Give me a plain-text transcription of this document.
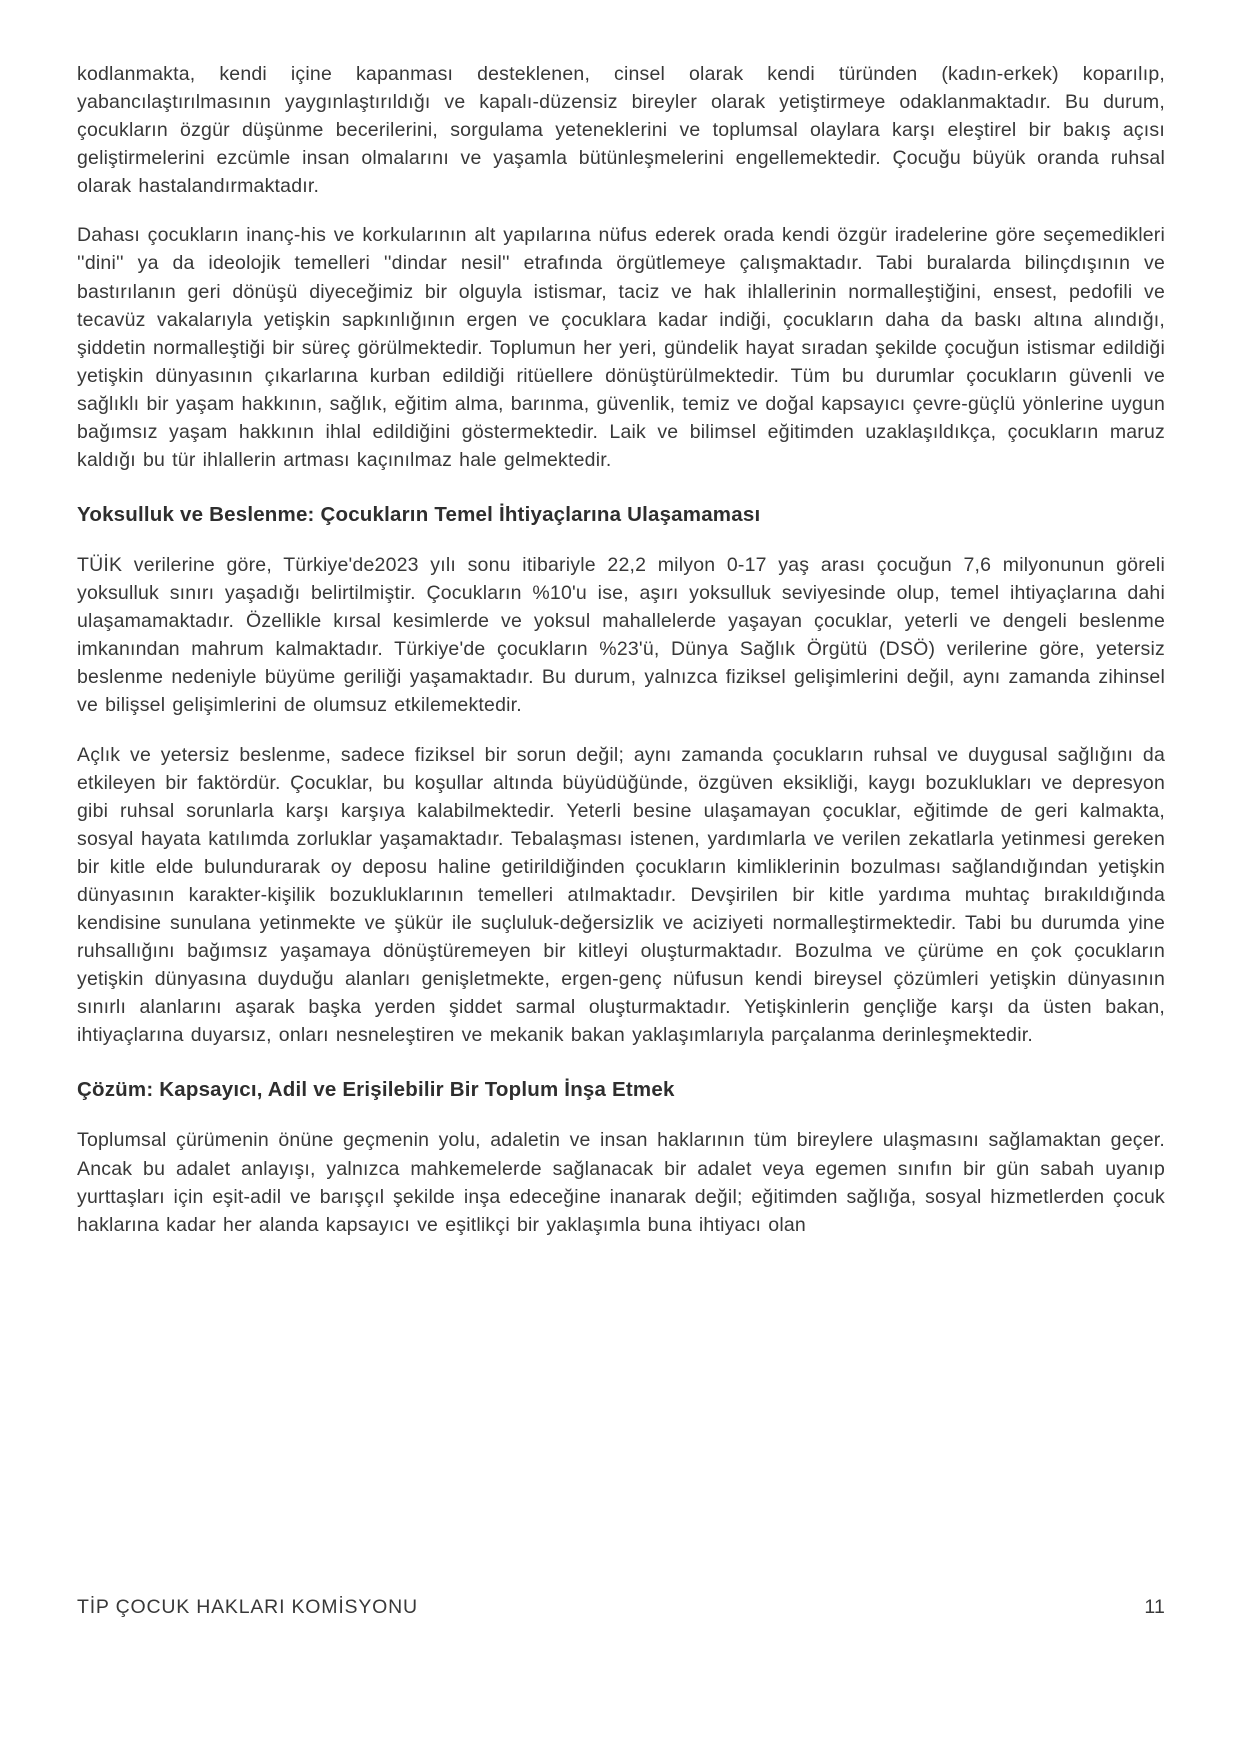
kodlanmakta, kendi içine kapanması desteklenen, cinsel olarak kendi türünden (kadın-erkek) koparılıp, yabancılaştırılmasının yaygınlaştırıldığı ve kapalı-düzensiz bireyler olarak yetiştirmeye odaklanmaktadır. Bu durum, çocukların özgür düşünme becerilerini, sorgulama yeteneklerini ve toplumsal olaylara karşı eleştirel bir bakış açısı geliştirmelerini ezcümle insan olmalarını ve yaşamla bütünleşmelerini engellemektedir. Çocuğu büyük oranda ruhsal olarak hastalandırmaktadır.

Dahası çocukların inanç-his ve korkularının alt yapılarına nüfus ederek orada kendi özgür iradelerine göre seçemedikleri ''dini'' ya da ideolojik temelleri ''dindar nesil'' etrafında örgütlemeye çalışmaktadır. Tabi buralarda bilinçdışının ve bastırılanın geri dönüşü diyeceğimiz bir olguyla istismar, taciz ve hak ihlallerinin normalleştiğini, ensest, pedofili ve tecavüz vakalarıyla yetişkin sapkınlığının ergen ve çocuklara kadar indiği, çocukların daha da baskı altına alındığı, şiddetin normalleştiği bir süreç görülmektedir. Toplumun her yeri, gündelik hayat sıradan şekilde çocuğun istismar edildiği yetişkin dünyasının çıkarlarına kurban edildiği ritüellere dönüştürülmektedir. Tüm bu durumlar çocukların güvenli ve sağlıklı bir yaşam hakkının, sağlık, eğitim alma, barınma, güvenlik, temiz ve doğal kapsayıcı çevre-güçlü yönlerine uygun bağımsız yaşam hakkının ihlal edildiğini göstermektedir. Laik ve bilimsel eğitimden uzaklaşıldıkça, çocukların maruz kaldığı bu tür ihlallerin artması kaçınılmaz hale gelmektedir.

Yoksulluk ve Beslenme: Çocukların Temel İhtiyaçlarına Ulaşamaması

TÜİK verilerine göre, Türkiye'de2023 yılı sonu itibariyle 22,2 milyon 0-17 yaş arası çocuğun 7,6 milyonunun göreli yoksulluk sınırı yaşadığı belirtilmiştir. Çocukların %10'u ise, aşırı yoksulluk seviyesinde olup, temel ihtiyaçlarına dahi ulaşamamaktadır. Özellikle kırsal kesimlerde ve yoksul mahallelerde yaşayan çocuklar, yeterli ve dengeli beslenme imkanından mahrum kalmaktadır. Türkiye'de çocukların %23'ü, Dünya Sağlık Örgütü (DSÖ) verilerine göre, yetersiz beslenme nedeniyle büyüme geriliği yaşamaktadır. Bu durum, yalnızca fiziksel gelişimlerini değil, aynı zamanda zihinsel ve bilişsel gelişimlerini de olumsuz etkilemektedir.

Açlık ve yetersiz beslenme, sadece fiziksel bir sorun değil; aynı zamanda çocukların ruhsal ve duygusal sağlığını da etkileyen bir faktördür. Çocuklar, bu koşullar altında büyüdüğünde, özgüven eksikliği, kaygı bozuklukları ve depresyon gibi ruhsal sorunlarla karşı karşıya kalabilmektedir. Yeterli besine ulaşamayan çocuklar, eğitimde de geri kalmakta, sosyal hayata katılımda zorluklar yaşamaktadır. Tebalaşması istenen, yardımlarla ve verilen zekatlarla yetinmesi gereken bir kitle elde bulundurarak oy deposu haline getirildiğinden çocukların kimliklerinin bozulması sağlandığından yetişkin dünyasının karakter-kişilik bozukluklarının temelleri atılmaktadır. Devşirilen bir kitle yardıma muhtaç bırakıldığında kendisine sunulana yetinmekte ve şükür ile suçluluk-değersizlik ve aciziyeti normalleştirmektedir. Tabi bu durumda yine ruhsallığını bağımsız yaşamaya dönüştüremeyen bir kitleyi oluşturmaktadır. Bozulma ve çürüme en çok çocukların yetişkin dünyasına duyduğu alanları genişletmekte, ergen-genç nüfusun kendi bireysel çözümleri yetişkin dünyasının sınırlı alanlarını aşarak başka yerden şiddet sarmal oluşturmaktadır. Yetişkinlerin gençliğe karşı da üsten bakan, ihtiyaçlarına duyarsız, onları nesneleştiren ve mekanik bakan yaklaşımlarıyla parçalanma derinleşmektedir.

Çözüm: Kapsayıcı, Adil ve Erişilebilir Bir Toplum İnşa Etmek

Toplumsal çürümenin önüne geçmenin yolu, adaletin ve insan haklarının tüm bireylere ulaşmasını sağlamaktan geçer. Ancak bu adalet anlayışı, yalnızca mahkemelerde sağlanacak bir adalet veya egemen sınıfın bir gün sabah uyanıp yurttaşları için eşit-adil ve barışçıl şekilde inşa edeceğine inanarak değil; eğitimden sağlığa, sosyal hizmetlerden çocuk haklarına kadar her alanda kapsayıcı ve eşitlikçi bir yaklaşımla buna ihtiyacı olan

TİP ÇOCUK HAKLARI KOMİSYONU	11
